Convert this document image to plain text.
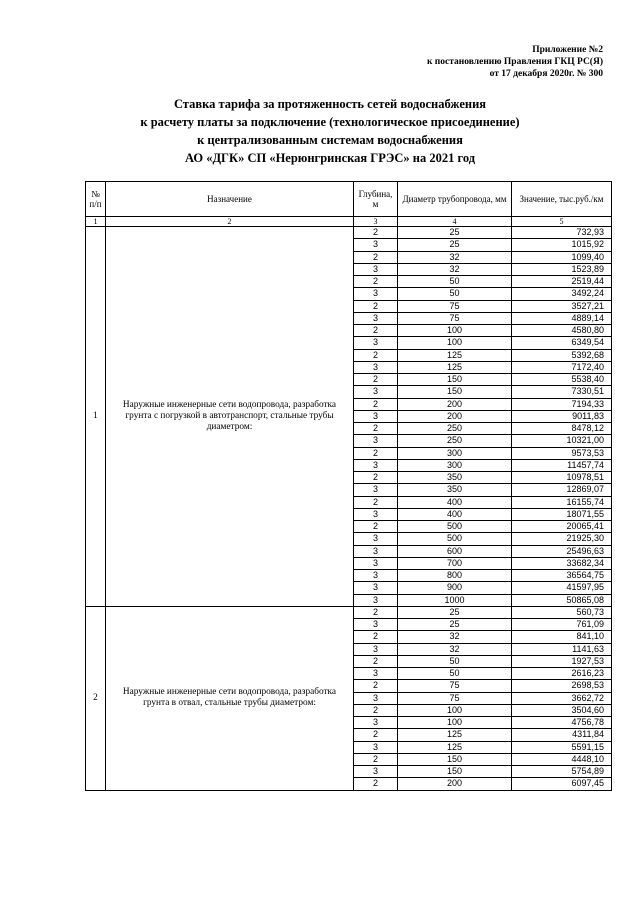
Приложение №2
к постановлению Правления ГКЦ РС(Я)
от 17 декабря 2020г. № 300
Ставка тарифа за протяженность сетей водоснабжения
к расчету платы за подключение (технологическое присоединение)
к централизованным системам водоснабжения
АО «ДГК» СП «Нерюнгринская ГРЭС» на 2021 год
№ п/п	Назначение	Глубина, м	Диаметр трубопровода, мм	Значение, тыс.руб./км
1	2	3	4	5
1	Наружные инженерные сети водопровода, разработка грунта с погрузкой в автотранспорт, стальные трубы диаметром:	2	25	732,93
		3	25	1015,92
		2	32	1099,40
		3	32	1523,89
		2	50	2519,44
		3	50	3492,24
		2	75	3527,21
		3	75	4889,14
		2	100	4580,80
		3	100	6349,54
		2	125	5392,68
		3	125	7172,40
		2	150	5538,40
		3	150	7330,51
		2	200	7194,33
		3	200	9011,83
		2	250	8478,12
		3	250	10321,00
		2	300	9573,53
		3	300	11457,74
		2	350	10978,51
		3	350	12869,07
		2	400	16155,74
		3	400	18071,55
		2	500	20065,41
		3	500	21925,30
		3	600	25496,63
		3	700	33682,34
		3	800	36564,75
		3	900	41597,95
		3	1000	50865,08
2	Наружные инженерные сети водопровода, разработка грунта в отвал, стальные трубы диаметром:	2	25	560,73
		3	25	761,09
		2	32	841,10
		3	32	1141,63
		2	50	1927,53
		3	50	2616,23
		2	75	2698,53
		3	75	3662,72
		2	100	3504,60
		3	100	4756,78
		2	125	4311,84
		3	125	5591,15
		2	150	4448,10
		3	150	5754,89
		2	200	6097,45
